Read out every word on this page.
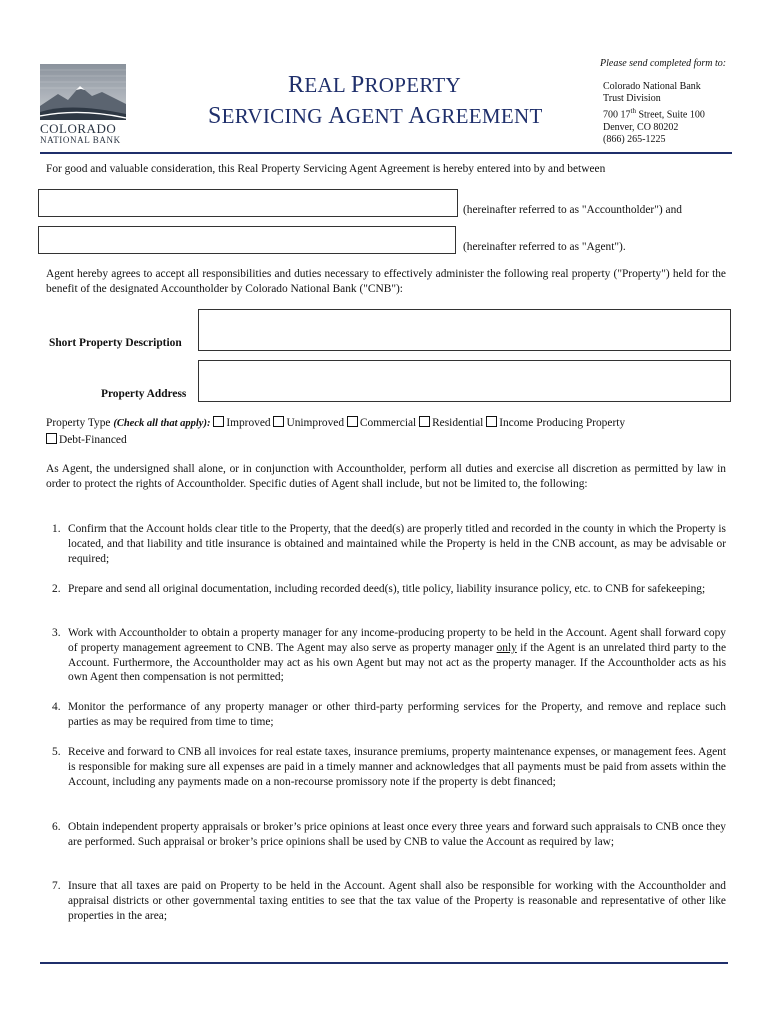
COLORADO
NATIONAL BANK
REAL PROPERTY
SERVICING AGENT AGREEMENT
Please send completed form to:
Colorado National Bank
Trust Division
700 17th Street, Suite 100
Denver, CO 80202
(866) 265-1225
For good and valuable consideration, this Real Property Servicing Agent Agreement is hereby entered into by and between
(hereinafter referred to as "Accountholder") and
(hereinafter referred to as "Agent").
Agent hereby agrees to accept all responsibilities and duties necessary to effectively administer the following real property ("Property") held for the benefit of the designated Accountholder by Colorado National Bank ("CNB"):
Short Property Description
Property Address
Property Type (Check all that apply): Improved Unimproved Commercial Residential Income Producing Property
Debt-Financed
As Agent, the undersigned shall alone, or in conjunction with Accountholder, perform all duties and exercise all discretion as permitted by law in order to protect the rights of Accountholder. Specific duties of Agent shall include, but not be limited to, the following:
1. Confirm that the Account holds clear title to the Property, that the deed(s) are properly titled and recorded in the county in which the Property is located, and that liability and title insurance is obtained and maintained while the Property is held in the CNB account, as may be advisable or required;
2. Prepare and send all original documentation, including recorded deed(s), title policy, liability insurance policy, etc. to CNB for safekeeping;
3. Work with Accountholder to obtain a property manager for any income-producing property to be held in the Account. Agent shall forward copy of property management agreement to CNB. The Agent may also serve as property manager only if the Agent is an unrelated third party to the Account. Furthermore, the Accountholder may act as his own Agent but may not act as the property manager. If the Accountholder acts as his own Agent then compensation is not permitted;
4. Monitor the performance of any property manager or other third-party performing services for the Property, and remove and replace such parties as may be required from time to time;
5. Receive and forward to CNB all invoices for real estate taxes, insurance premiums, property maintenance expenses, or management fees. Agent is responsible for making sure all expenses are paid in a timely manner and acknowledges that all payments must be paid from assets within the Account, including any payments made on a non-recourse promissory note if the property is debt financed;
6. Obtain independent property appraisals or broker’s price opinions at least once every three years and forward such appraisals to CNB once they are performed. Such appraisal or broker’s price opinions shall be used by CNB to value the Account as required by law;
7. Insure that all taxes are paid on Property to be held in the Account. Agent shall also be responsible for working with the Accountholder and appraisal districts or other governmental taxing entities to see that the tax value of the Property is reasonable and representative of other like properties in the area;
